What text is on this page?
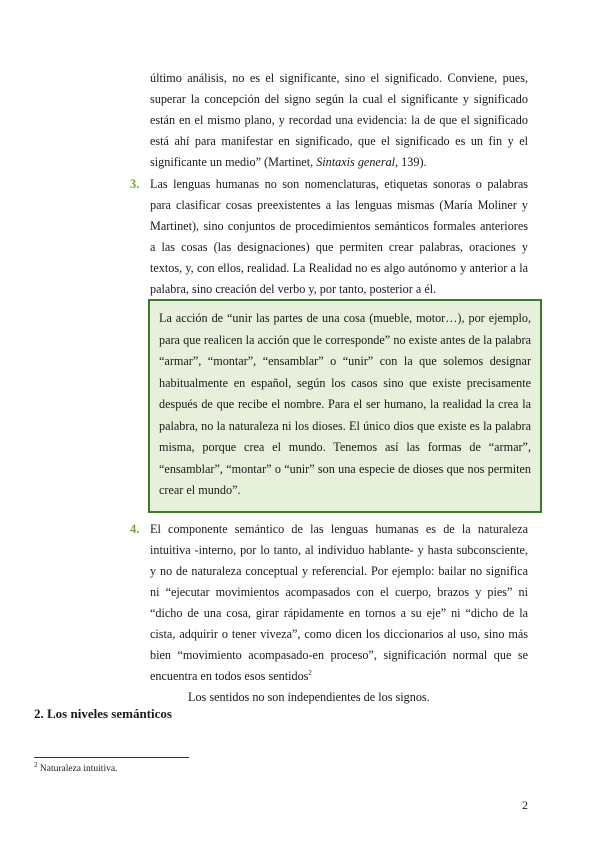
último análisis, no es el significante, sino el significado. Conviene, pues, superar la concepción del signo según la cual el significante y significado están en el mismo plano, y recordad una evidencia: la de que el significado está ahí para manifestar en significado, que el significado es un fin y el significante un medio” (Martinet, Sintaxis general, 139).

3. Las lenguas humanas no son nomenclaturas, etiquetas sonoras o palabras para clasificar cosas preexistentes a las lenguas mismas (María Moliner y Martinet), sino conjuntos de procedimientos semánticos formales anteriores a las cosas (las designaciones) que permiten crear palabras, oraciones y textos, y, con ellos, realidad. La Realidad no es algo autónomo y anterior a la palabra, sino creación del verbo y, por tanto, posterior a él.

La acción de “unir las partes de una cosa (mueble, motor…), por ejemplo, para que realicen la acción que le corresponde” no existe antes de la palabra “armar”, “montar”, “ensamblar” o “unir” con la que solemos designar habitualmente en español, según los casos sino que existe precisamente después de que recibe el nombre. Para el ser humano, la realidad la crea la palabra, no la naturaleza ni los dioses. El único dios que existe es la palabra misma, porque crea el mundo. Tenemos así las formas de “armar”, “ensamblar”, “montar” o “unir” son una especie de dioses que nos permiten crear el mundo”.

4. El componente semántico de las lenguas humanas es de la naturaleza intuitiva -interno, por lo tanto, al individuo hablante- y hasta subconsciente, y no de naturaleza conceptual y referencial. Por ejemplo: bailar no significa ni “ejecutar movimientos acompasados con el cuerpo, brazos y pies” ni “dicho de una cosa, girar rápidamente en tornos a su eje” ni “dicho de la cista, adquirir o tener viveza”, como dicen los diccionarios al uso, sino más bien “movimiento acompasado-en proceso”, significación normal que se encuentra en todos esos sentidos$^2$

Los sentidos no son independientes de los signos.

2. Los niveles semánticos

$^2$ Naturaleza intuitiva.

2
